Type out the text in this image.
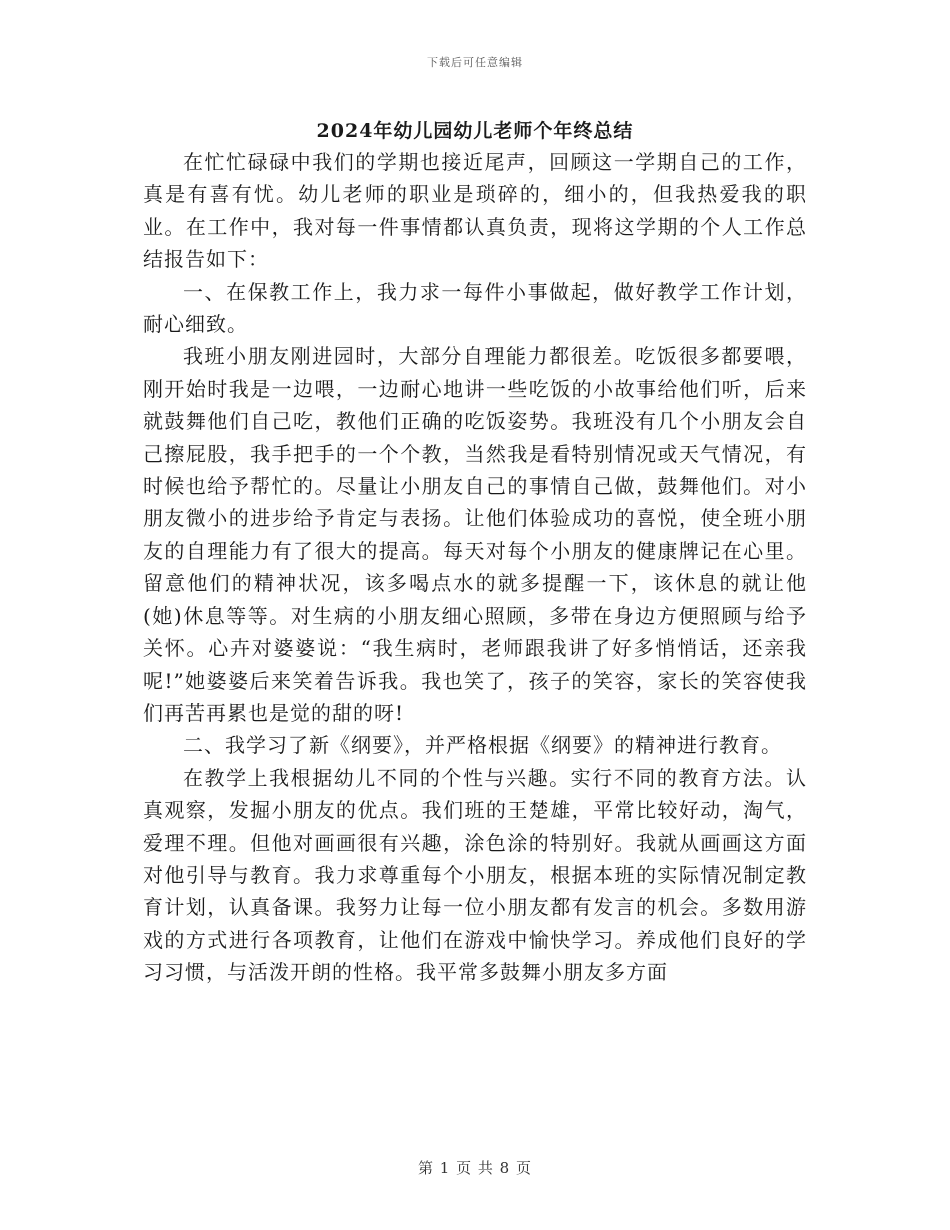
下载后可任意编辑
2024年幼儿园幼儿老师个年终总结

在忙忙碌碌中我们的学期也接近尾声，回顾这一学期自己的工作，真是有喜有忧。幼儿老师的职业是琐碎的，细小的，但我热爱我的职业。在工作中，我对每一件事情都认真负责，现将这学期的个人工作总结报告如下：

一、在保教工作上，我力求一每件小事做起，做好教学工作计划，耐心细致。

我班小朋友刚进园时，大部分自理能力都很差。吃饭很多都要喂，刚开始时我是一边喂，一边耐心地讲一些吃饭的小故事给他们听，后来就鼓舞他们自己吃，教他们正确的吃饭姿势。我班没有几个小朋友会自己擦屁股，我手把手的一个个教，当然我是看特别情况或天气情况，有时候也给予帮忙的。尽量让小朋友自己的事情自己做，鼓舞他们。对小朋友微小的进步给予肯定与表扬。让他们体验成功的喜悦，使全班小朋友的自理能力有了很大的提高。每天对每个小朋友的健康牌记在心里。留意他们的精神状况，该多喝点水的就多提醒一下，该休息的就让他(她)休息等等。对生病的小朋友细心照顾，多带在身边方便照顾与给予关怀。心卉对婆婆说：“我生病时，老师跟我讲了好多悄悄话，还亲我呢!”她婆婆后来笑着告诉我。我也笑了，孩子的笑容，家长的笑容使我们再苦再累也是觉的甜的呀!

二、我学习了新《纲要》，并严格根据《纲要》的精神进行教育。

在教学上我根据幼儿不同的个性与兴趣。实行不同的教育方法。认真观察，发掘小朋友的优点。我们班的王楚雄，平常比较好动，淘气，爱理不理。但他对画画很有兴趣，涂色涂的特别好。我就从画画这方面对他引导与教育。我力求尊重每个小朋友，根据本班的实际情况制定教育计划，认真备课。我努力让每一位小朋友都有发言的机会。多数用游戏的方式进行各项教育，让他们在游戏中愉快学习。养成他们良好的学习习惯，与活泼开朗的性格。我平常多鼓舞小朋友多方面

第 1 页 共 8 页
